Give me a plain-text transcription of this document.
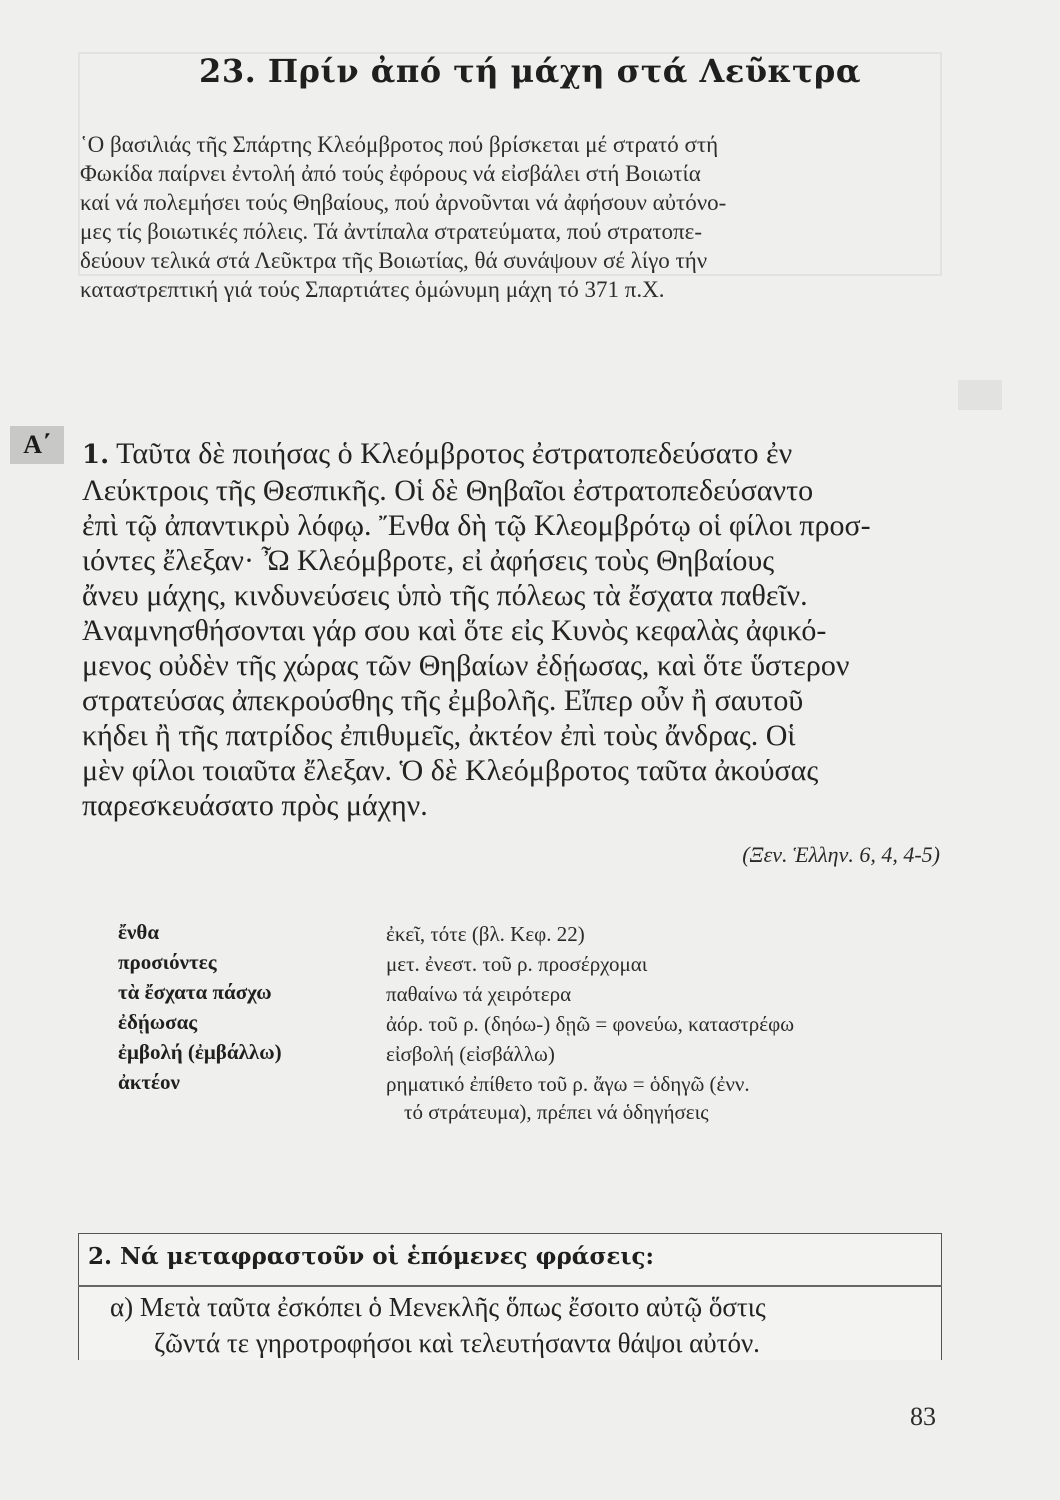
23. Πρίν ἀπό τή μάχη στά Λεῦκτρα
῾Ο βασιλιάς τῆς Σπάρτης Κλεόμβροτος πού βρίσκεται μέ στρατό στή
Φωκίδα παίρνει ἐντολή ἀπό τούς ἐφόρους νά εἰσβάλει στή Βοιωτία
καί νά πολεμήσει τούς Θηβαίους, πού ἀρνοῦνται νά ἀφήσουν αὐτόνο-
μες τίς βοιωτικές πόλεις. Τά ἀντίπαλα στρατεύματα, πού στρατοπε-
δεύουν τελικά στά Λεῦκτρα τῆς Βοιωτίας, θά συνάψουν σέ λίγο τήν
καταστρεπτική γιά τούς Σπαρτιάτες ὁμώνυμη μάχη τό 371 π.Χ.
Α΄	1. Ταῦτα δὲ ποιήσας ὁ Κλεόμβροτος ἐστρατοπεδεύσατο ἐν
Λεύκτροις τῆς Θεσπικῆς. Οἱ δὲ Θηβαῖοι ἐστρατοπεδεύσαντο
ἐπὶ τῷ ἀπαντικρὺ λόφῳ. Ἔνθα δὴ τῷ Κλεομβρότῳ οἱ φίλοι προσ-
ιόντες ἔλεξαν· Ὦ Κλεόμβροτε, εἰ ἀφήσεις τοὺς Θηβαίους
ἄνευ μάχης, κινδυνεύσεις ὑπὸ τῆς πόλεως τὰ ἔσχατα παθεῖν.
Ἀναμνησθήσονται γάρ σου καὶ ὅτε εἰς Κυνὸς κεφαλὰς ἀφικό-
μενος οὐδὲν τῆς χώρας τῶν Θηβαίων ἐδῄωσας, καὶ ὅτε ὕστερον
στρατεύσας ἀπεκρούσθης τῆς ἐμβολῆς. Εἴπερ οὖν ἢ σαυτοῦ
κήδει ἢ τῆς πατρίδος ἐπιθυμεῖς, ἀκτέον ἐπὶ τοὺς ἄνδρας. Οἱ
μὲν φίλοι τοιαῦτα ἔλεξαν. Ὁ δὲ Κλεόμβροτος ταῦτα ἀκούσας
παρεσκευάσατο πρὸς μάχην.
(Ξεν. Ἑλλην. 6, 4, 4-5)
ἔνθα	ἐκεῖ, τότε (βλ. Κεφ. 22)
προσιόντες	μετ. ἐνεστ. τοῦ ρ. προσέρχομαι
τὰ ἔσχατα πάσχω	παθαίνω τά χειρότερα
ἐδῄωσας	ἀόρ. τοῦ ρ. (δηόω-) δῃῶ = φονεύω, καταστρέφω
ἐμβολή (ἐμβάλλω)	εἰσβολή (εἰσβάλλω)
ἀκτέον	ρηματικό ἐπίθετο τοῦ ρ. ἄγω = ὁδηγῶ (ἐνν.
τό στράτευμα), πρέπει νά ὁδηγήσεις
2. Νά μεταφραστοῦν οἱ ἑπόμενες φράσεις:
α) Μετὰ ταῦτα ἐσκόπει ὁ Μενεκλῆς ὅπως ἔσοιτο αὐτῷ ὅστις
ζῶντά τε γηροτροφήσοι καὶ τελευτήσαντα θάψοι αὐτόν.
83
